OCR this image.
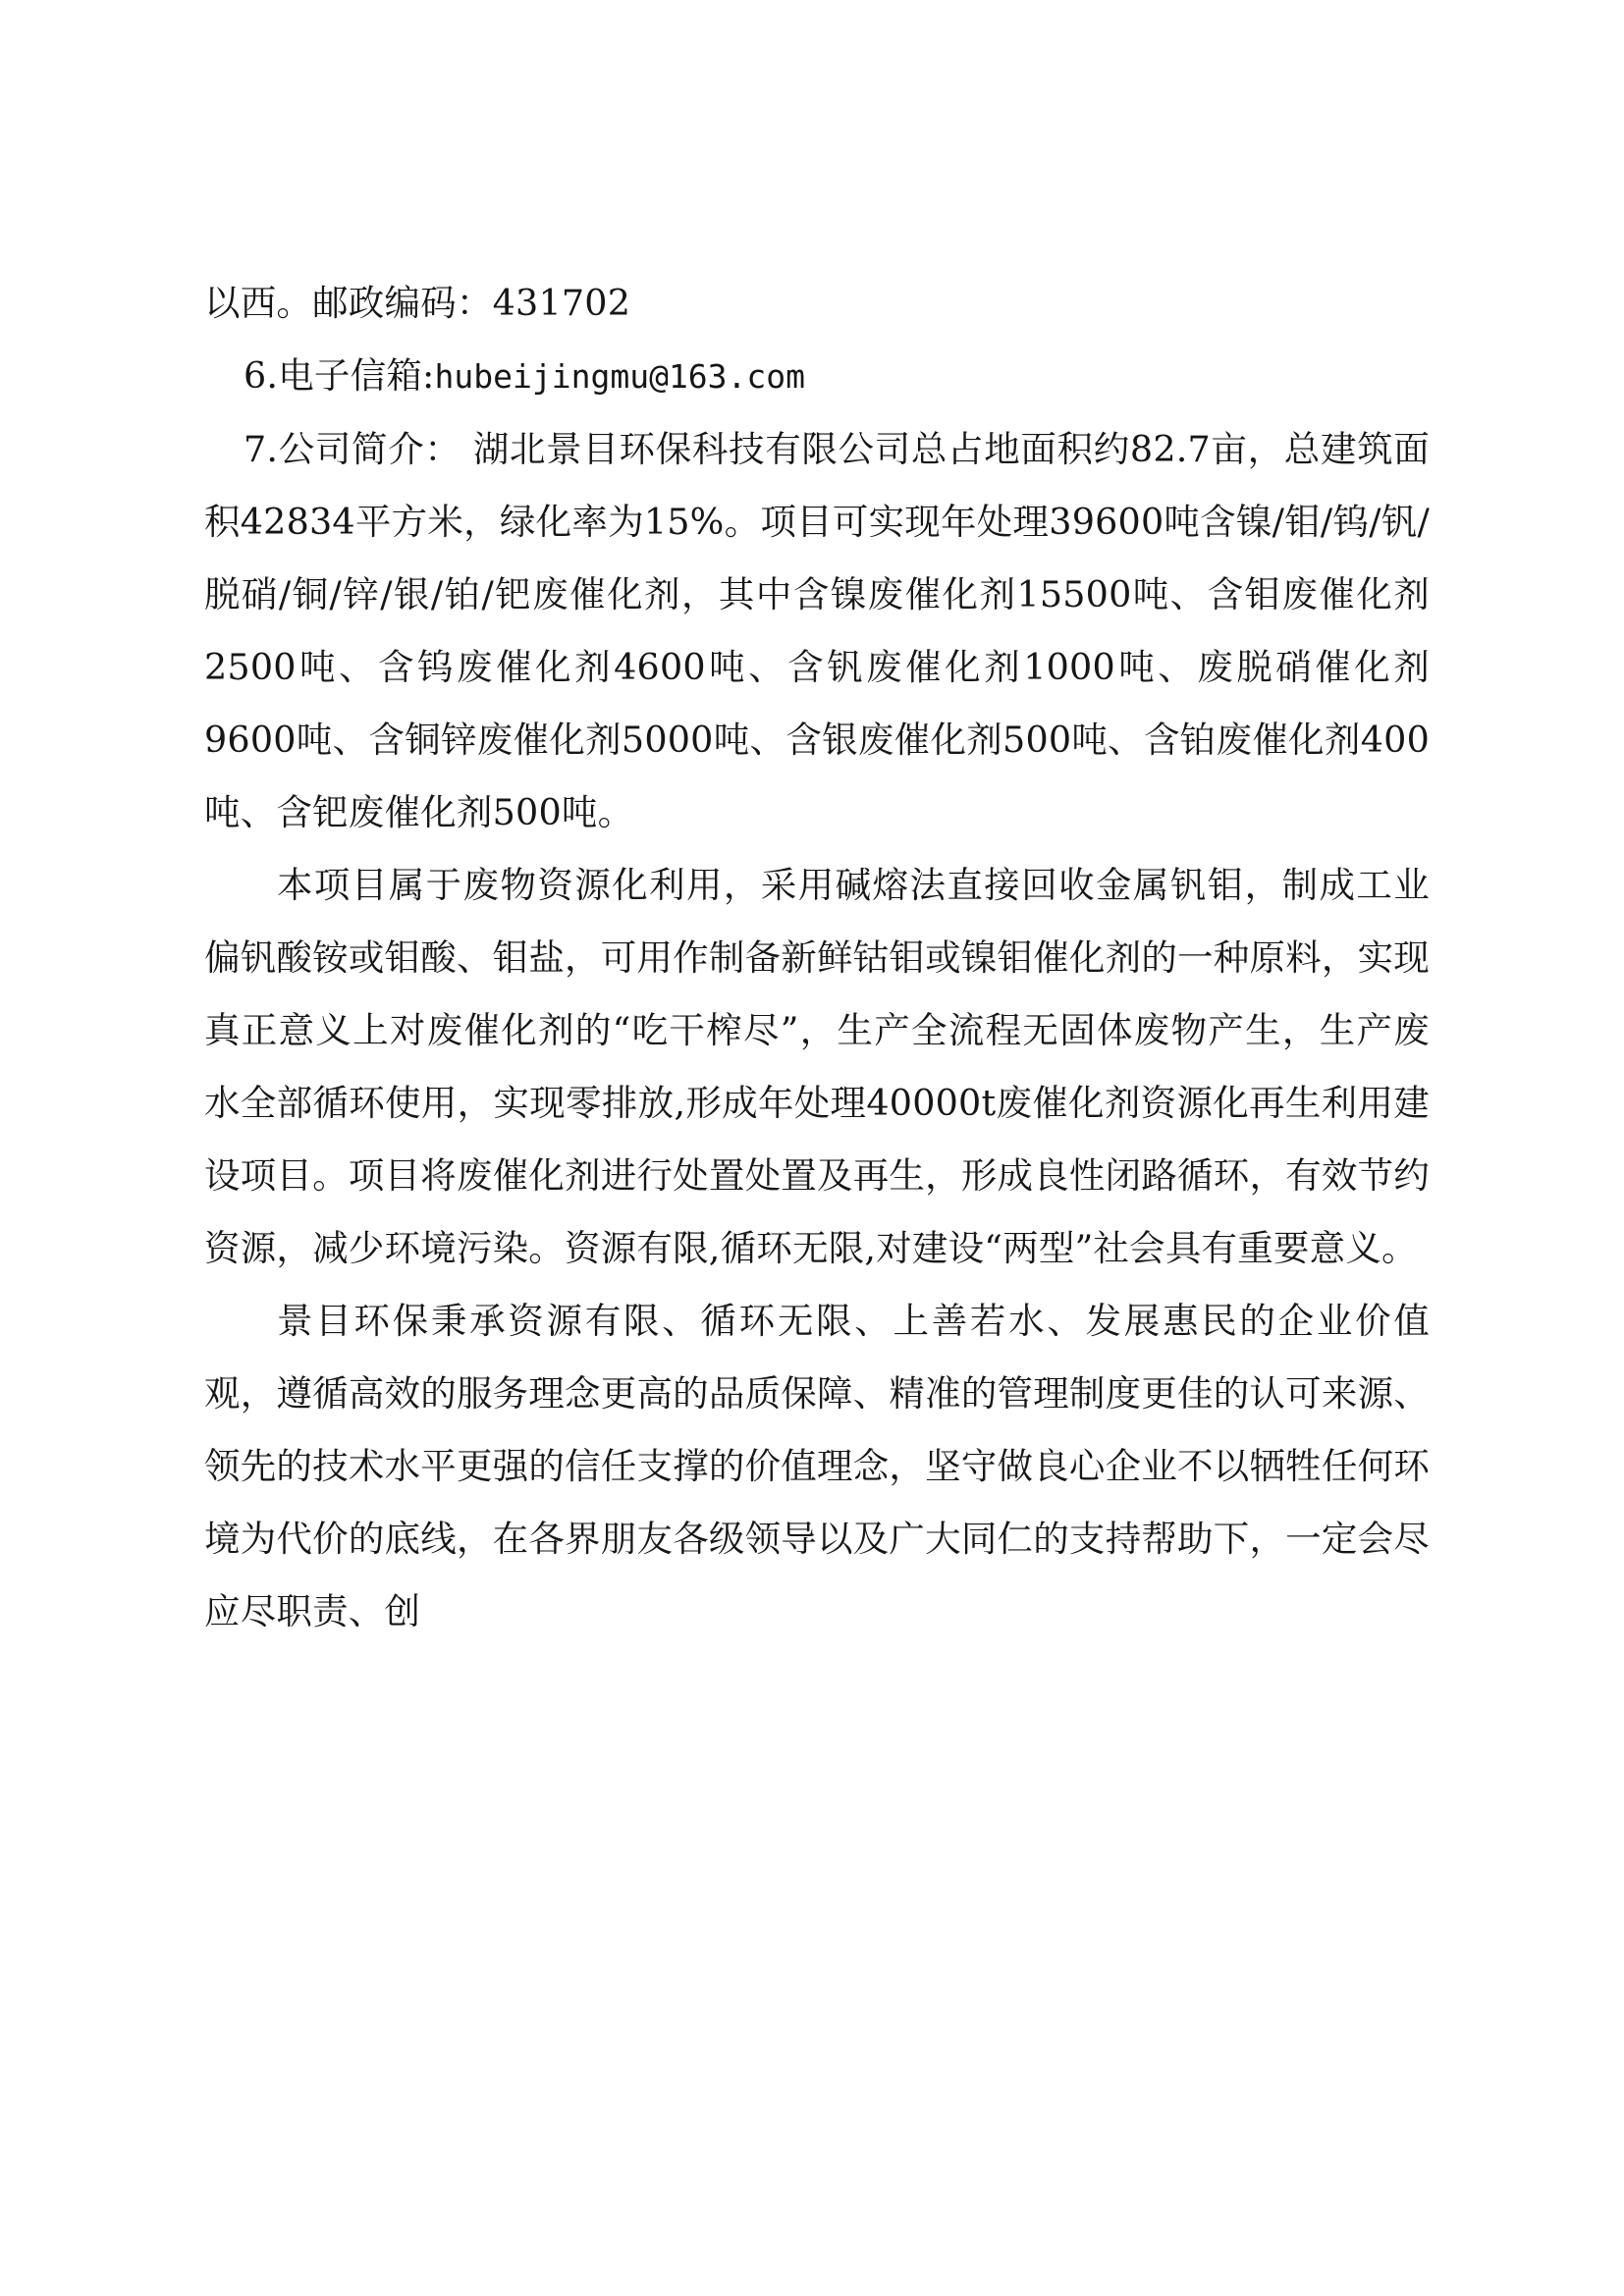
以西。邮政编码：431702

6.电子信箱:hubeijingmu@163.com

7.公司简介： 湖北景目环保科技有限公司总占地面积约82.7亩，总建筑面积42834平方米，绿化率为15%。项目可实现年处理39600吨含镍/钼/钨/钒/脱硝/铜/锌/银/铂/钯废催化剂，其中含镍废催化剂15500吨、含钼废催化剂2500吨、含钨废催化剂4600吨、含钒废催化剂1000吨、废脱硝催化剂9600吨、含铜锌废催化剂5000吨、含银废催化剂500吨、含铂废催化剂400吨、含钯废催化剂500吨。

本项目属于废物资源化利用，采用碱熔法直接回收金属钒钼，制成工业偏钒酸铵或钼酸、钼盐，可用作制备新鲜钴钼或镍钼催化剂的一种原料，实现真正意义上对废催化剂的“吃干榨尽”，生产全流程无固体废物产生，生产废水全部循环使用，实现零排放,形成年处理40000t废催化剂资源化再生利用建设项目。项目将废催化剂进行处置处置及再生，形成良性闭路循环，有效节约资源，减少环境污染。资源有限,循环无限,对建设“两型”社会具有重要意义。

景目环保秉承资源有限、循环无限、上善若水、发展惠民的企业价值观，遵循高效的服务理念更高的品质保障、精准的管理制度更佳的认可来源、领先的技术水平更强的信任支撑的价值理念，坚守做良心企业不以牺牲任何环境为代价的底线，在各界朋友各级领导以及广大同仁的支持帮助下，一定会尽应尽职责、创
